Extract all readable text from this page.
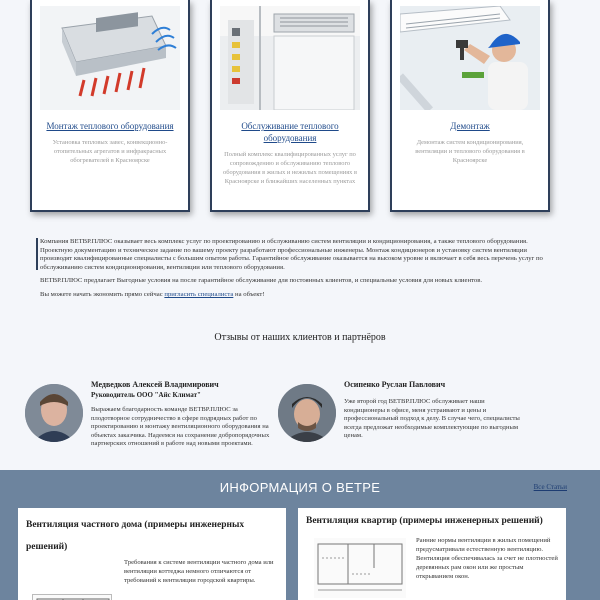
Монтаж теплового оборудования

Установка тепловых завес, конвекционно-отопительных агрегатов и инфракрасных обогревателей в Красноярске

Обслуживание теплового оборудования

Полный комплекс квалифицированных услуг по сопровождению и обслуживанию теплового оборудования в жилых и нежилых помещениях в Красноярске и ближайших населенных пунктах

Демонтаж

Демонтаж систем кондиционирования, вентиляции и теплового оборудования в Красноярске

Компания ВЕТВР.ПЛЮС оказывает весь комплекс услуг по проектированию и обслуживанию систем вентиляции и кондиционирования, а также теплового оборудования. Проектную документацию и техническое задание по вашему проекту разработают профессиональные инженеры. Монтаж кондиционеров и установку систем вентиляции производят квалифицированные специалисты с большим опытом работы. Гарантийное обслуживание оказывается на высоком уровне и включает в себя весь перечень услуг по обслуживанию систем кондиционирования, вентиляции или теплового оборудования.

ВЕТВР.ПЛЮС предлагает Выгодные условия на после гарантийное обслуживание для постоянных клиентов, и специальные условия для новых клиентов.

Вы можете начать экономить прямо сейчас пригласить специалиста на объект!

Отзывы от наших клиентов и партнёров
Медведков Алексей Владимирович
Руководитель ООО "Айс Климат"
Выражаем благодарность команде ВЕТВР.ПЛЮС за плодотворное сотрудничество в сфере подрядных работ по проектированию и монтажу вентиляционного оборудования на объектах заказчика. Надеемся на сохранение добропорядочных партнерских отношений в работе над новыми проектами.
Осипенко Руслан Павлович
Уже второй год ВЕТВР.ПЛЮС обслуживает наши кондиционеры в офисе, меня устраивают и цены и профессиональный подход к делу. В случае чего, специалисты всегда предложат необходимые комплектующие по выгодным ценам.
ИНФОРМАЦИЯ О ВЕТРЕ	Все Статьи
Вентиляция частного дома (примеры инженерных решений)
Требования к системе вентиляции частного дома или вентиляции коттеджа немного отличаются от требований к вентиляции городской квартиры.
Вентиляция квартир (примеры инженерных решений)
Ранние нормы вентиляции в жилых помещений предусматривали естественную вентиляцию. Вентиляция обеспечивалась за счет не плотностей деревянных рам окон или же простым открыванием окон.
